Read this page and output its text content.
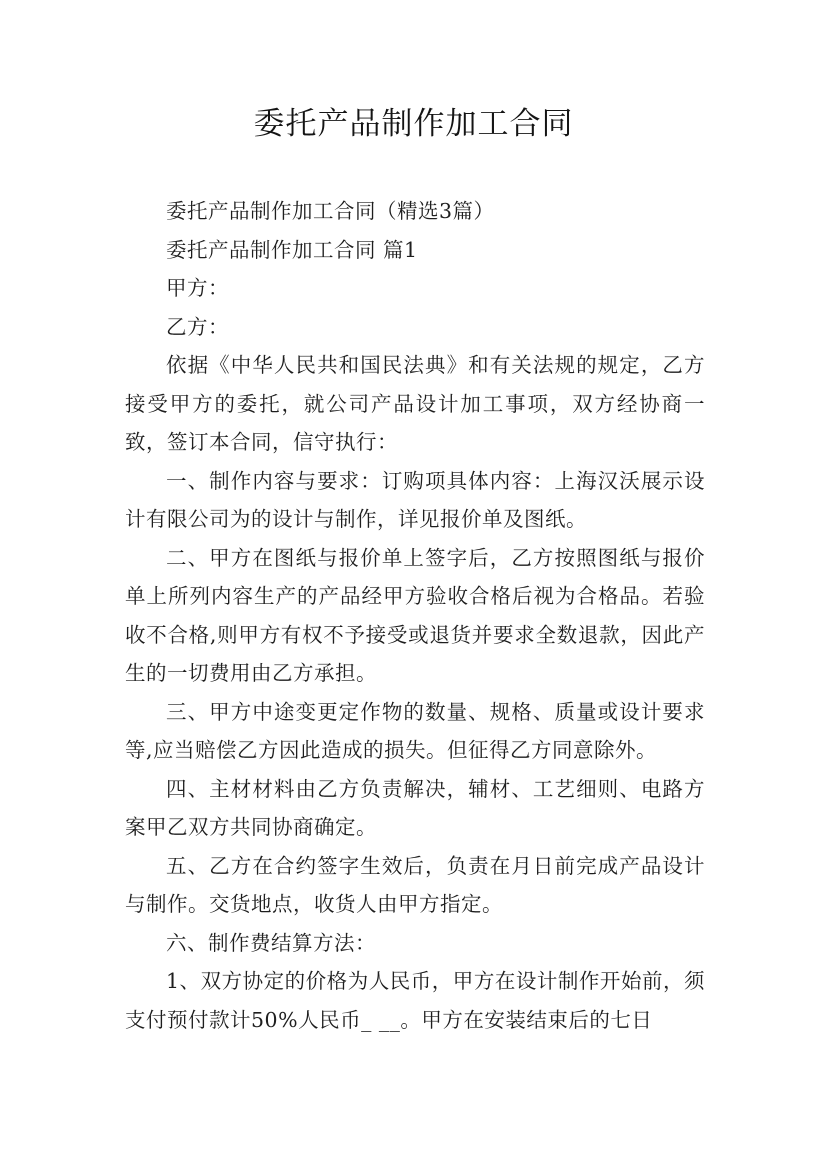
委托产品制作加工合同

委托产品制作加工合同（精选3篇）

委托产品制作加工合同 篇1

甲方：

乙方：

依据《中华人民共和国民法典》和有关法规的规定，乙方接受甲方的委托，就公司产品设计加工事项，双方经协商一致，签订本合同，信守执行：

一、制作内容与要求：订购项具体内容：上海汉沃展示设计有限公司为的设计与制作，详见报价单及图纸。

二、甲方在图纸与报价单上签字后，乙方按照图纸与报价单上所列内容生产的产品经甲方验收合格后视为合格品。若验收不合格,则甲方有权不予接受或退货并要求全数退款，因此产生的一切费用由乙方承担。

三、甲方中途变更定作物的数量、规格、质量或设计要求等,应当赔偿乙方因此造成的损失。但征得乙方同意除外。

四、主材材料由乙方负责解决，辅材、工艺细则、电路方案甲乙双方共同协商确定。

五、乙方在合约签字生效后，负责在月日前完成产品设计与制作。交货地点，收货人由甲方指定。

六、制作费结算方法：

1、双方协定的价格为人民币，甲方在设计制作开始前，须支付预付款计50%人民币_ __。甲方在安装结束后的七日
